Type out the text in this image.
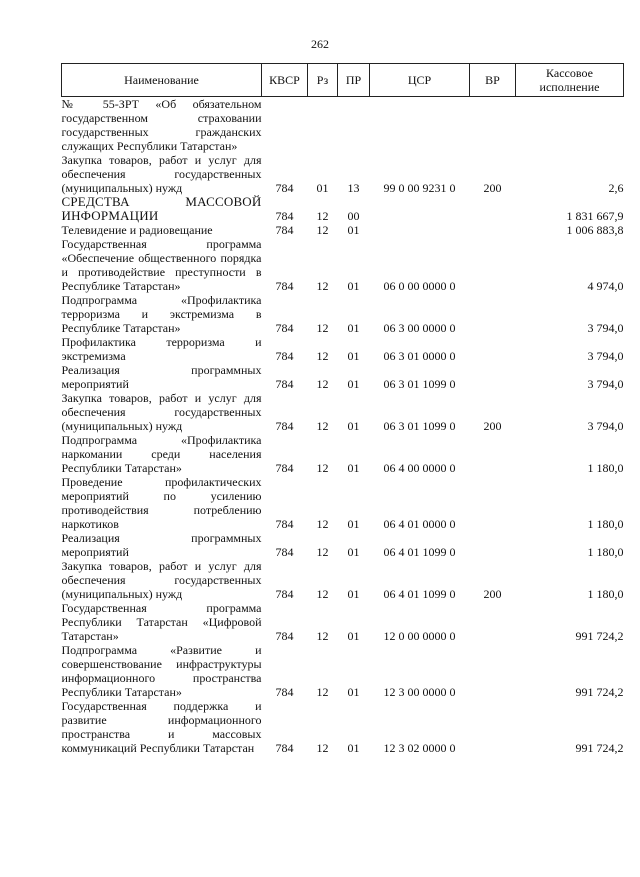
262
Наименование	КВСР	Рз	ПР	ЦСР	ВР	Кассовое исполнение
№ 55-ЗРТ «Об обязательном государственном страховании государственных гражданских служащих Республики Татарстан»						
Закупка товаров, работ и услуг для обеспечения государственных (муниципальных) нужд	784	01	13	99 0 00 9231 0	200	2,6
СРЕДСТВА МАССОВОЙ ИНФОРМАЦИИ	784	12	00			1 831 667,9
Телевидение и радиовещание	784	12	01			1 006 883,8
Государственная программа «Обеспечение общественного порядка и противодействие преступности в Республике Татарстан»	784	12	01	06 0 00 0000 0		4 974,0
Подпрограмма «Профилактика терроризма и экстремизма в Республике Татарстан»	784	12	01	06 3 00 0000 0		3 794,0
Профилактика терроризма и экстремизма	784	12	01	06 3 01 0000 0		3 794,0
Реализация программных мероприятий	784	12	01	06 3 01 1099 0		3 794,0
Закупка товаров, работ и услуг для обеспечения государственных (муниципальных) нужд	784	12	01	06 3 01 1099 0	200	3 794,0
Подпрограмма «Профилактика наркомании среди населения Республики Татарстан»	784	12	01	06 4 00 0000 0		1 180,0
Проведение профилактических мероприятий по усилению противодействия потреблению наркотиков	784	12	01	06 4 01 0000 0		1 180,0
Реализация программных мероприятий	784	12	01	06 4 01 1099 0		1 180,0
Закупка товаров, работ и услуг для обеспечения государственных (муниципальных) нужд	784	12	01	06 4 01 1099 0	200	1 180,0
Государственная программа Республики Татарстан «Цифровой Татарстан»	784	12	01	12 0 00 0000 0		991 724,2
Подпрограмма «Развитие и совершенствование инфраструктуры информационного пространства Республики Татарстан»	784	12	01	12 3 00 0000 0		991 724,2
Государственная поддержка и развитие информационного пространства и массовых коммуникаций Республики Татарстан	784	12	01	12 3 02 0000 0		991 724,2
